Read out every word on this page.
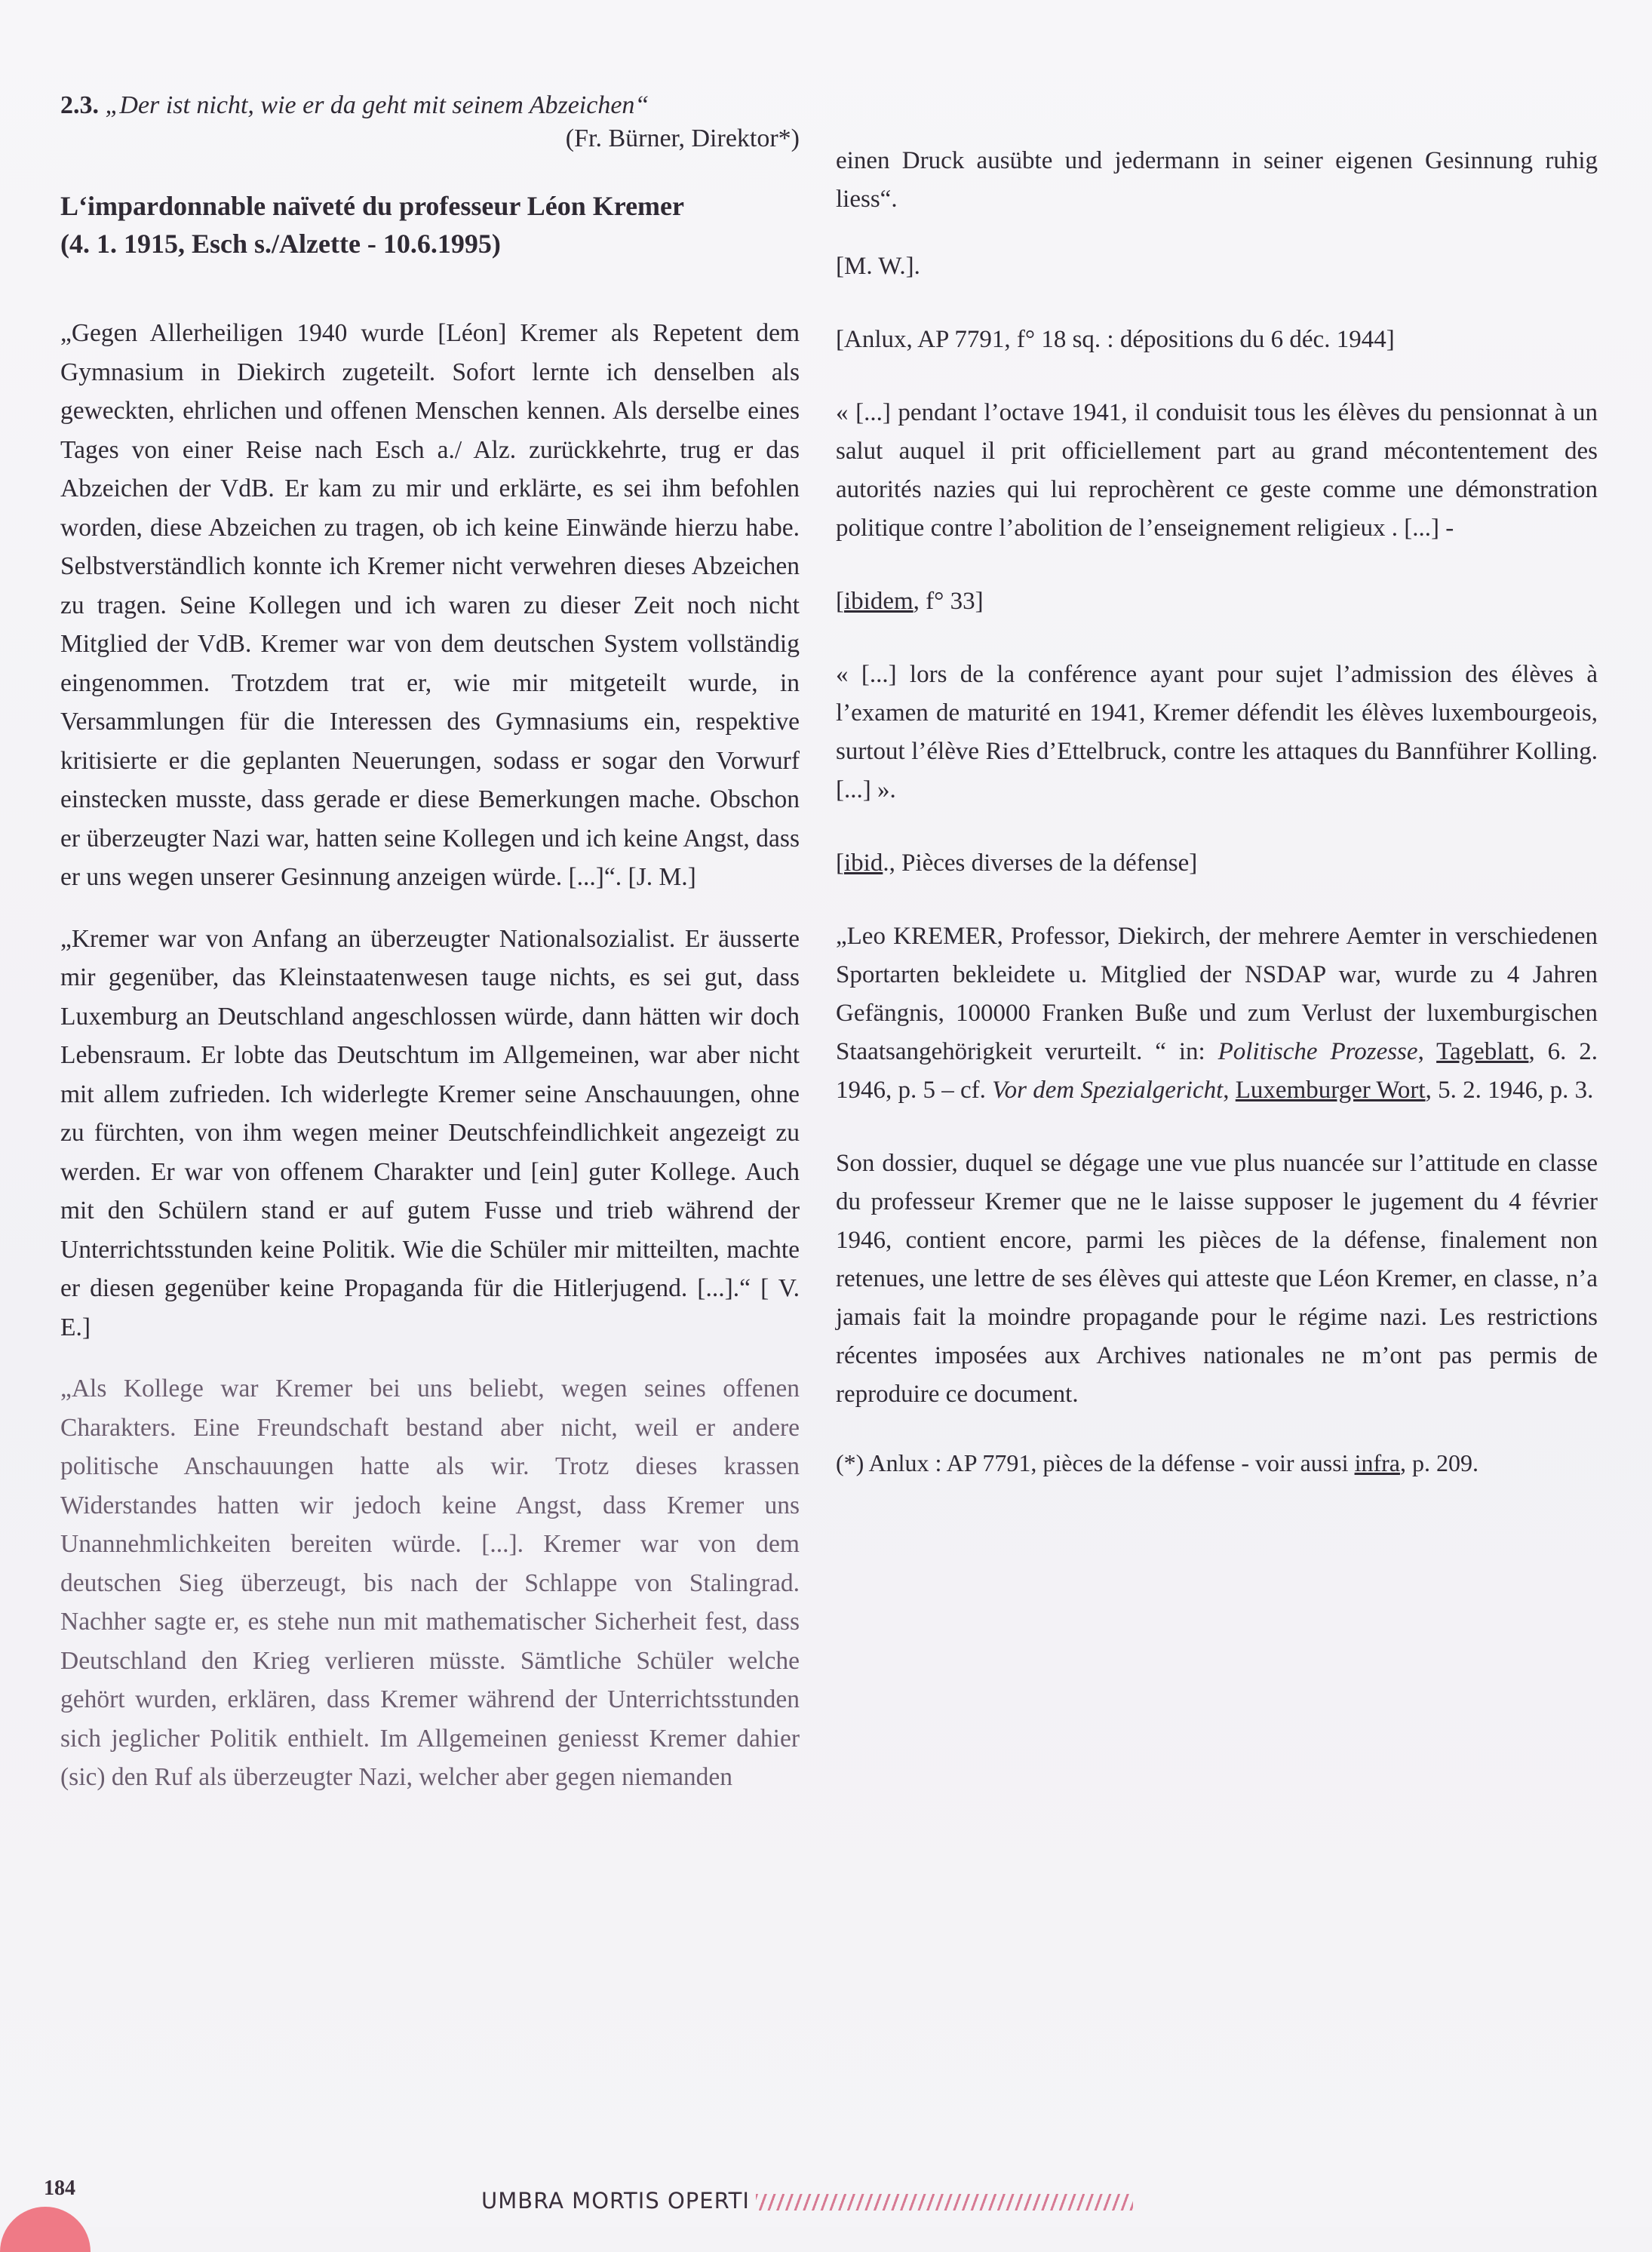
2.3. „Der ist nicht, wie er da geht mit seinem Abzeichen“
(Fr. Bürner, Direktor*)
L‘impardonnable naïveté du professeur Léon Kremer
(4. 1. 1915, Esch s./Alzette - 10.6.1995)

„Gegen Allerheiligen 1940 wurde [Léon] Kremer als Repetent dem Gymnasium in Diekirch zugeteilt. Sofort lernte ich denselben als geweckten, ehrlichen und offenen Menschen kennen. Als derselbe eines Tages von einer Reise nach Esch a./ Alz. zurückkehrte, trug er das Abzeichen der VdB. Er kam zu mir und erklärte, es sei ihm befohlen worden, diese Abzeichen zu tragen, ob ich keine Einwände hierzu habe. Selbstverständlich konnte ich Kremer nicht verwehren dieses Abzeichen zu tragen. Seine Kollegen und ich waren zu dieser Zeit noch nicht Mitglied der VdB. Kremer war von dem deutschen System vollständig eingenommen. Trotzdem trat er, wie mir mitgeteilt wurde, in Versammlungen für die Interessen des Gymnasiums ein, respektive kritisierte er die geplanten Neuerungen, sodass er sogar den Vorwurf einstecken musste, dass gerade er diese Bemerkungen mache. Obschon er überzeugter Nazi war, hatten seine Kollegen und ich keine Angst, dass er uns wegen unserer Gesinnung anzeigen würde. [...]“. [J. M.]

„Kremer war von Anfang an überzeugter Nationalsozialist. Er äusserte mir gegenüber, das Kleinstaatenwesen tauge nichts, es sei gut, dass Luxemburg an Deutschland angeschlossen würde, dann hätten wir doch Lebensraum. Er lobte das Deutschtum im Allgemeinen, war aber nicht mit allem zufrieden. Ich widerlegte Kremer seine Anschauungen, ohne zu fürchten, von ihm wegen meiner Deutschfeindlichkeit angezeigt zu werden. Er war von offenem Charakter und [ein] guter Kollege. Auch mit den Schülern stand er auf gutem Fusse und trieb während der Unterrichtsstunden keine Politik. Wie die Schüler mir mitteilten, machte er diesen gegenüber keine Propaganda für die Hitlerjugend. [...].“ [ V. E.]

„Als Kollege war Kremer bei uns beliebt, wegen seines offenen Charakters. Eine Freundschaft bestand aber nicht, weil er andere politische Anschauungen hatte als wir. Trotz dieses krassen Widerstandes hatten wir jedoch keine Angst, dass Kremer uns Unannehmlichkeiten bereiten würde. [...]. Kremer war von dem deutschen Sieg überzeugt, bis nach der Schlappe von Stalingrad. Nachher sagte er, es stehe nun mit mathematischer Sicherheit fest, dass Deutschland den Krieg verlieren müsste. Sämtliche Schüler welche gehört wurden, erklären, dass Kremer während der Unterrichtsstunden sich jeglicher Politik enthielt. Im Allgemeinen geniesst Kremer dahier (sic) den Ruf als überzeugter Nazi, welcher aber gegen niemanden

einen Druck ausübte und jedermann in seiner eigenen Gesinnung ruhig liess“.

[M. W.].

[Anlux, AP 7791, f° 18 sq. : dépositions du 6 déc. 1944]

« [...] pendant l’octave 1941, il conduisit tous les élèves du pensionnat à un salut auquel il prit officiellement part au grand mécontentement des autorités nazies qui lui reprochèrent ce geste comme une démonstration politique contre l’abolition de l’enseignement religieux . [...] -

[ibidem, f° 33]

« [...] lors de la conférence ayant pour sujet l’admission des élèves à l’examen de maturité en 1941, Kremer défendit les élèves luxembourgeois, surtout l’élève Ries d’Ettelbruck, contre les attaques du Bannführer Kolling. [...] ».

[ibid., Pièces diverses de la défense]

„Leo KREMER, Professor, Diekirch, der mehrere Aemter in verschiedenen Sportarten bekleidete u. Mitglied der NSDAP war, wurde zu 4 Jahren Gefängnis, 100000 Franken Buße und zum Verlust der luxemburgischen Staatsangehörigkeit verurteilt. “ in: Politische Prozesse, Tageblatt, 6. 2. 1946, p. 5 – cf. Vor dem Spezialgericht, Luxemburger Wort, 5. 2. 1946, p. 3.

Son dossier, duquel se dégage une vue plus nuancée sur l’attitude en classe du professeur Kremer que ne le laisse supposer le jugement du 4 février 1946, contient encore, parmi les pièces de la défense, finalement non retenues, une lettre de ses élèves qui atteste que Léon Kremer, en classe, n’a jamais fait la moindre propagande pour le régime nazi. Les restrictions récentes imposées aux Archives nationales ne m’ont pas permis de reproduire ce document.

(*) Anlux : AP 7791, pièces de la défense - voir aussi infra, p. 209.

184	UMBRA MORTIS OPERTI
